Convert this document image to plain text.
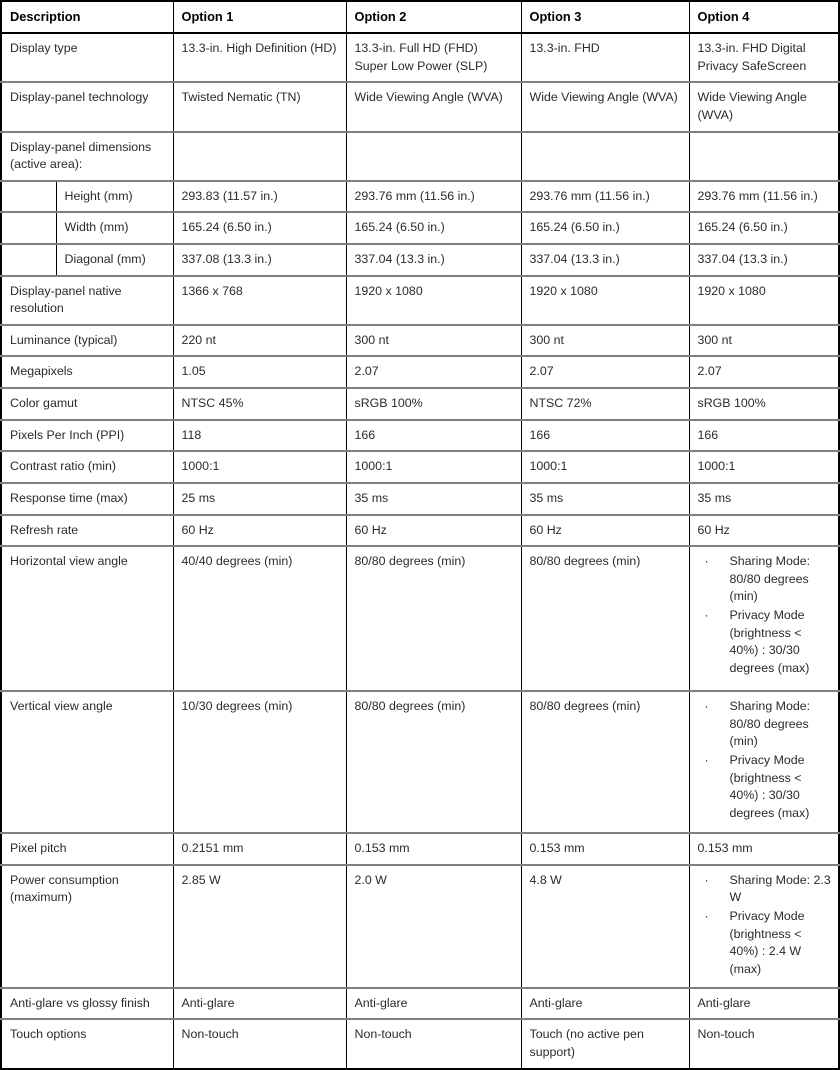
Description		Option 1	Option 2	Option 3	Option 4
Display type		13.3-in. High Definition (HD)	13.3-in. Full HD (FHD) Super Low Power (SLP)	13.3-in. FHD	13.3-in. FHD Digital Privacy SafeScreen
Display-panel technology		Twisted Nematic (TN)	Wide Viewing Angle (WVA)	Wide Viewing Angle (WVA)	Wide Viewing Angle (WVA)
Display-panel dimensions (active area):					
	Height (mm)	293.83 (11.57 in.)	293.76 mm (11.56 in.)	293.76 mm (11.56 in.)	293.76 mm (11.56 in.)
	Width (mm)	165.24 (6.50 in.)	165.24 (6.50 in.)	165.24 (6.50 in.)	165.24 (6.50 in.)
	Diagonal (mm)	337.08 (13.3 in.)	337.04 (13.3 in.)	337.04 (13.3 in.)	337.04 (13.3 in.)
Display-panel native resolution		1366 x 768	1920 x 1080	1920 x 1080	1920 x 1080
Luminance (typical)		220 nt	300 nt	300 nt	300 nt
Megapixels		1.05	2.07	2.07	2.07
Color gamut		NTSC 45%	sRGB 100%	NTSC 72%	sRGB 100%
Pixels Per Inch (PPI)		118	166	166	166
Contrast ratio (min)		1000:1	1000:1	1000:1	1000:1
Response time (max)		25 ms	35 ms	35 ms	35 ms
Refresh rate		60 Hz	60 Hz	60 Hz	60 Hz
Horizontal view angle	40/40 degrees (min)	80/80 degrees (min)	80/80 degrees (min)	· Sharing Mode: 80/80 degrees (min)
· Privacy Mode (brightness < 40%) : 30/30 degrees (max)

Vertical view angle	10/30 degrees (min)	80/80 degrees (min)	80/80 degrees (min)	· Sharing Mode: 80/80 degrees (min)
· Privacy Mode (brightness < 40%) : 30/30 degrees (max)

Pixel pitch		0.2151 mm	0.153 mm	0.153 mm	0.153 mm
Power consumption (maximum)	2.85 W	2.0 W	4.8 W	· Sharing Mode: 2.3 W
· Privacy Mode (brightness < 40%) : 2.4 W (max)

Anti-glare vs glossy finish		Anti-glare	Anti-glare	Anti-glare	Anti-glare
Touch options		Non-touch	Non-touch	Touch (no active pen support)	Non-touch
